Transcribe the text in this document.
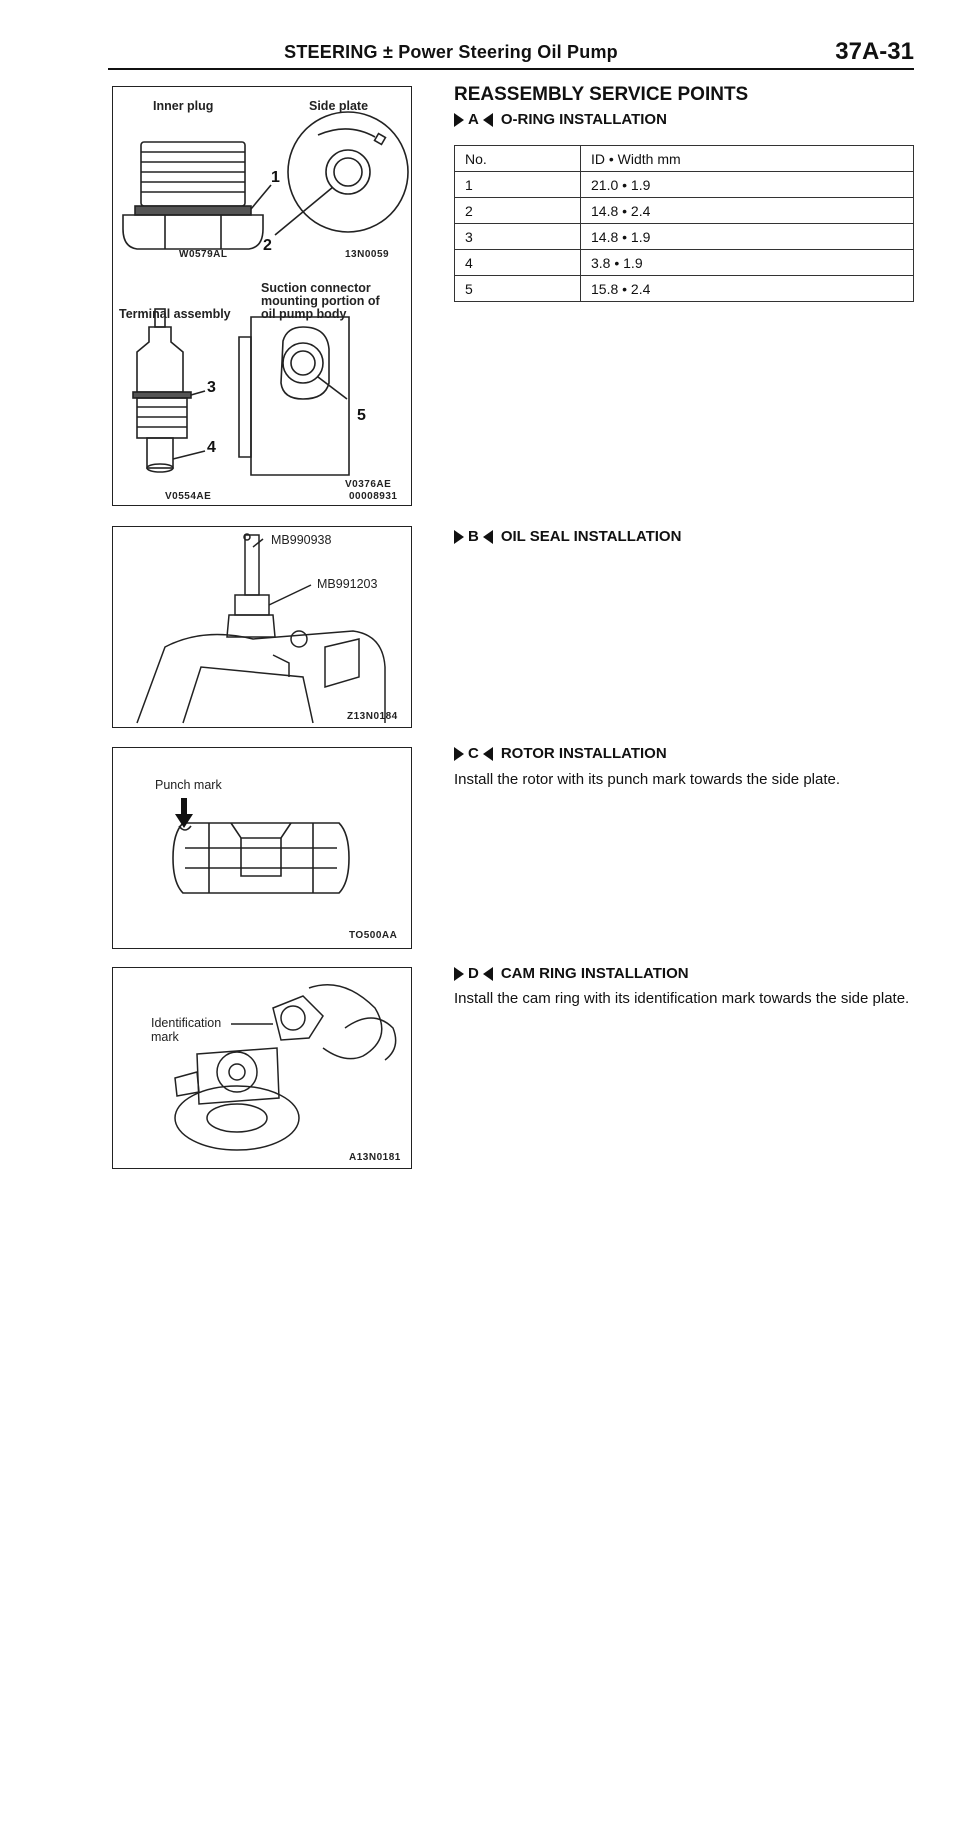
STEERING ± Power Steering Oil Pump	37A-31
Inner plug	Side plate
1
2
W0579AL	13N0059
Suction connector
mounting portion of
Terminal assembly oil pump body
3
5
4
V0376AE
V0554AE	00008931
REASSEMBLY SERVICE POINTS
A O-RING INSTALLATION
No.	ID • Width mm
1	21.0 • 1.9
2	14.8 • 2.4
3	14.8 • 1.9
4	3.8 • 1.9
5	15.8 • 2.4
MB990938
MB991203
Z13N0184
B OIL SEAL INSTALLATION
Punch mark
TO500AA
C ROTOR INSTALLATION
Install the rotor with its punch mark towards the side plate.
Identification
mark
A13N0181
D CAM RING INSTALLATION
Install the cam ring with its identification mark towards the side plate.
